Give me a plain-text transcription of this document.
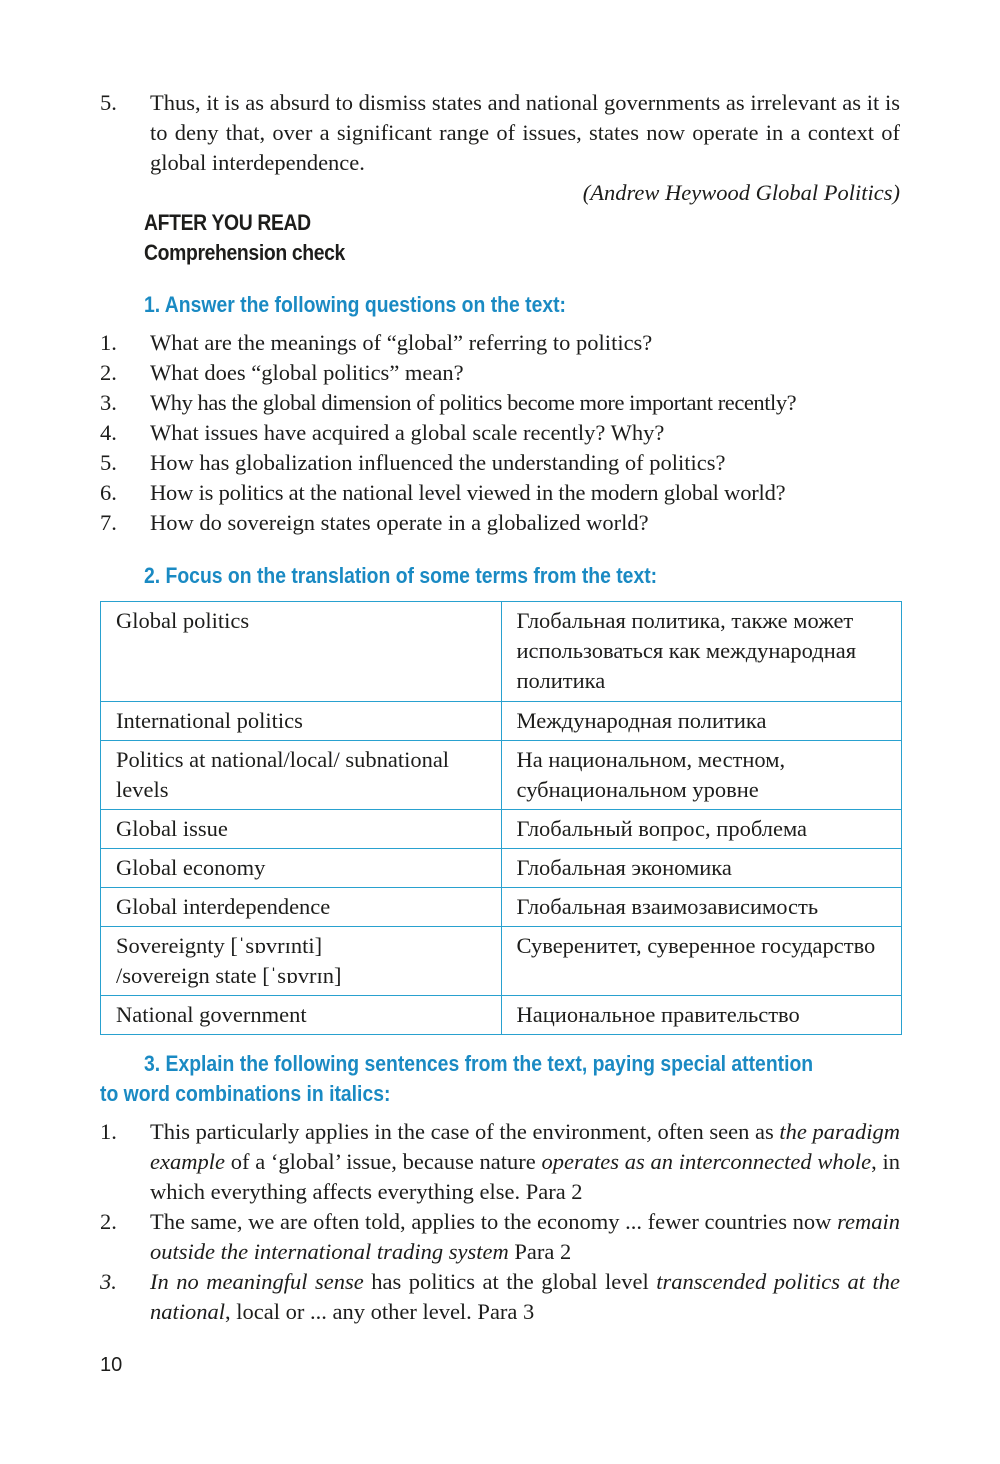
5. Thus, it is as absurd to dismiss states and national governments as irrelevant as it is to deny that, over a significant range of issues, states now operate in a context of global interdependence.
(Andrew Heywood Global Politics)
AFTER YOU READ
Comprehension check
1. Answer the following questions on the text:
1. What are the meanings of “global” referring to politics?
2. What does “global politics” mean?
3. Why has the global dimension of politics become more important recently?
4. What issues have acquired a global scale recently? Why?
5. How has globalization influenced the understanding of politics?
6. How is politics at the national level viewed in the modern global world?
7. How do sovereign states operate in a globalized world?
2. Focus on the translation of some terms from the text:
Global politics	Глобальная политика, также может использоваться как международная политика
International politics	Международная политика
Politics at national/local/ subnational levels	На национальном, местном, субнациональном уровне
Global issue	Глобальный вопрос, проблема
Global economy	Глобальная экономика
Global interdependence	Глобальная взаимозависимость
Sovereignty [ˈsɒvrɪnti] /sovereign state [ˈsɒvrɪn]	Суверенитет, суверенное государство
National government	Национальное правительство
3. Explain the following sentences from the text, paying special attention
to word combinations in italics:
1. This particularly applies in the case of the environment, often seen as the paradigm example of a ‘global’ issue, because nature operates as an interconnected whole, in which everything affects everything else. Para 2
2. The same, we are often told, applies to the economy ... fewer countries now remain outside the international trading system Para 2
3. In no meaningful sense has politics at the global level transcended politics at the national, local or ... any other level. Para 3
10
